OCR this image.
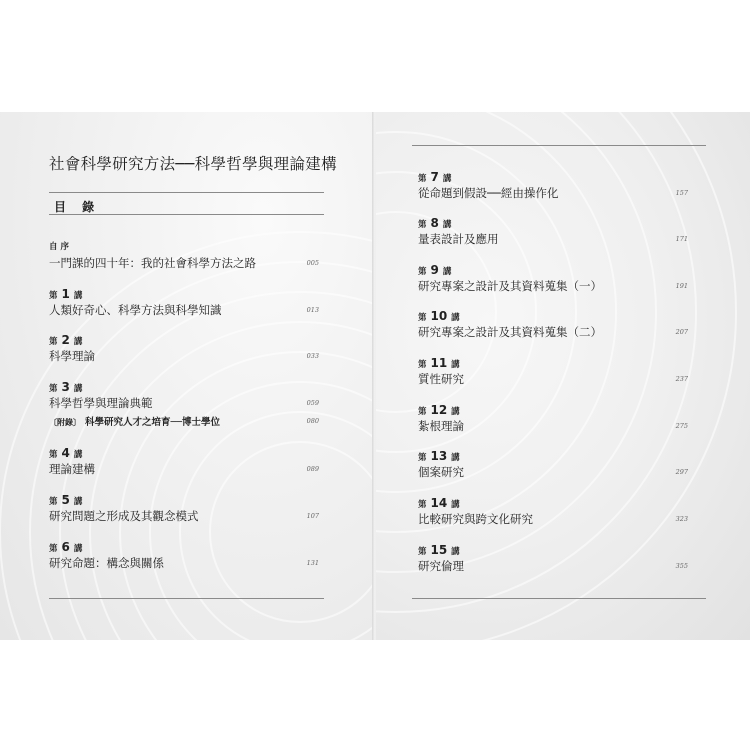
社會科學研究方法──科學哲學與理論建構
目 錄
自 序
一門課的四十年：我的社會科學方法之路	005
第 1 講
人類好奇心、科學方法與科學知識	013
第 2 講
科學理論	033
第 3 講
科學哲學與理論典範	059
〔附錄〕 科學研究人才之培育──博士學位	080
第 4 講
理論建構	089
第 5 講
研究問題之形成及其觀念模式	107
第 6 講
研究命題：構念與關係	131
第 7 講
從命題到假設──經由操作化	157
第 8 講
量表設計及應用	171
第 9 講
研究專案之設計及其資料蒐集（一）	191
第 10 講
研究專案之設計及其資料蒐集（二）	207
第 11 講
質性研究	237
第 12 講
紮根理論	275
第 13 講
個案研究	297
第 14 講
比較研究與跨文化研究	323
第 15 講
研究倫理	355
